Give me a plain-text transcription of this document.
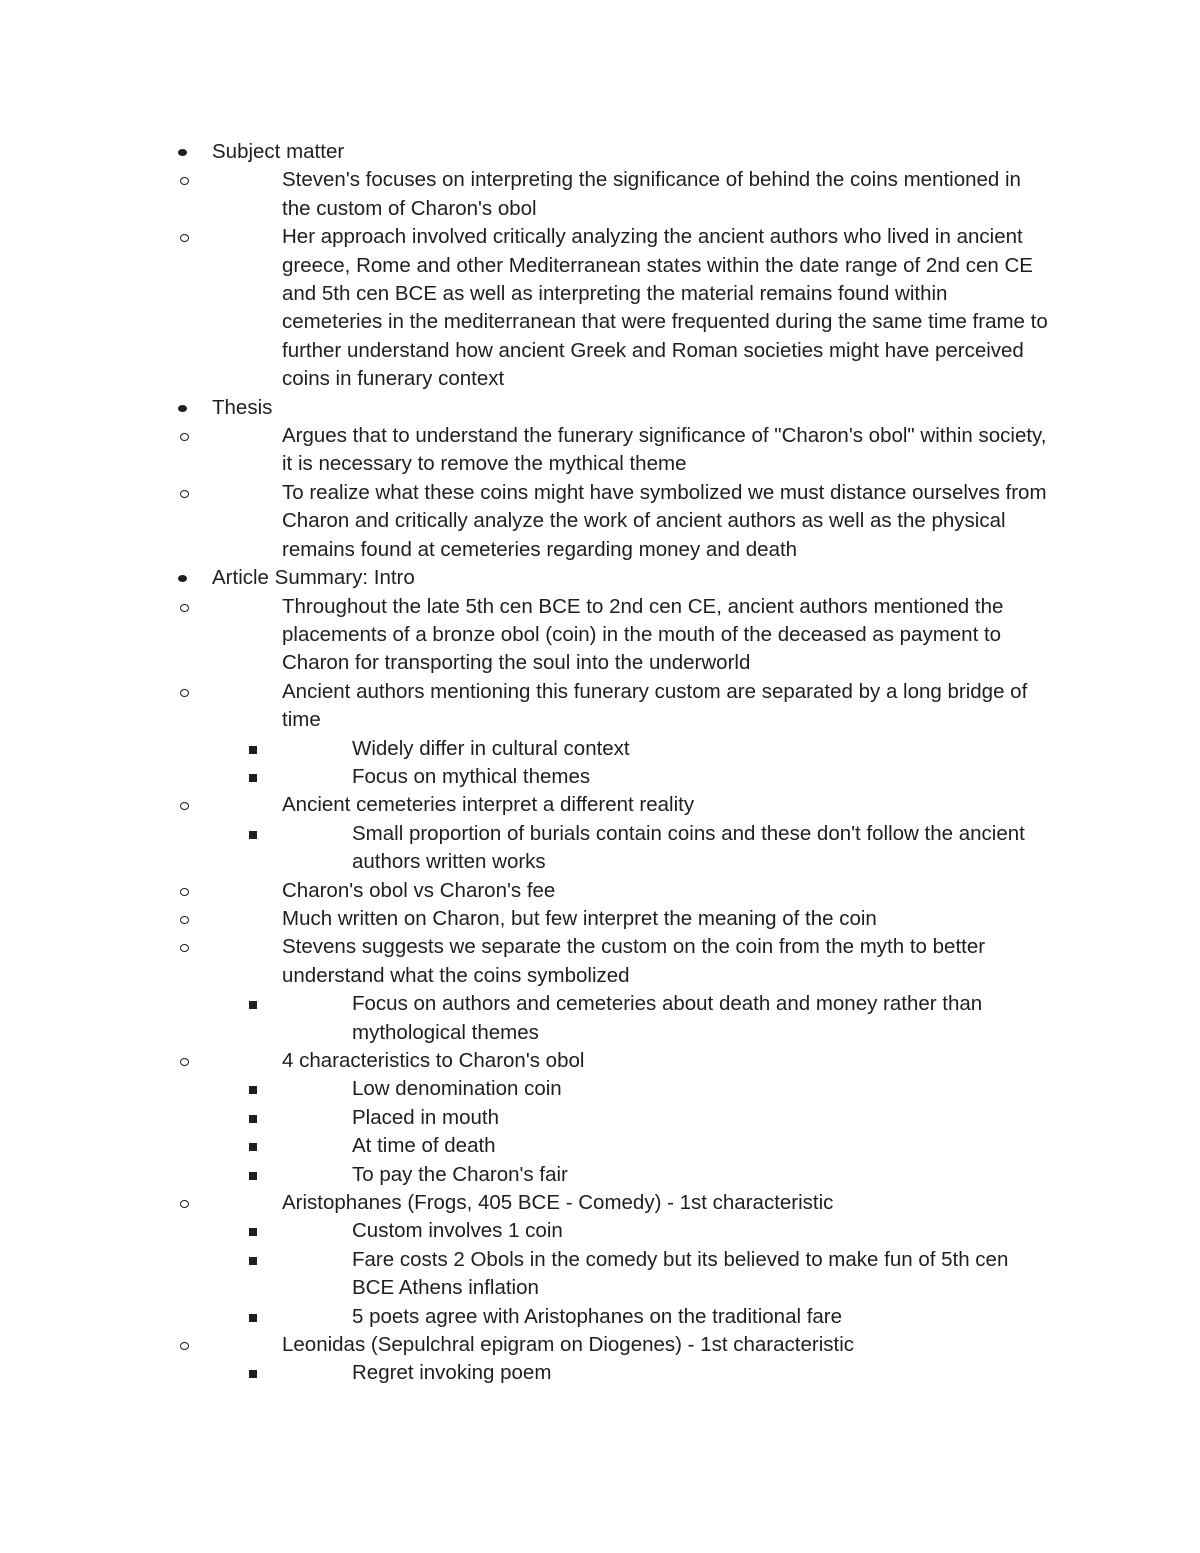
Subject matter
Steven's focuses on interpreting the significance of behind the coins mentioned in the custom of Charon's obol
Her approach involved critically analyzing the ancient authors who lived in ancient greece, Rome and other Mediterranean states within the date range of 2nd cen CE and 5th cen BCE as well as interpreting the material remains found within cemeteries in the mediterranean that were frequented during the same time frame to further understand how ancient Greek and Roman societies might have perceived coins in funerary context
Thesis
Argues that to understand the funerary significance of "Charon's obol" within society, it is necessary to remove the mythical theme
To realize what these coins might have symbolized we must distance ourselves from Charon and critically analyze the work of ancient authors as well as the physical remains found at cemeteries regarding money and death
Article Summary: Intro
Throughout the late 5th cen BCE to 2nd cen CE, ancient authors mentioned the placements of a bronze obol (coin) in the mouth of the deceased as payment to Charon for transporting the soul into the underworld
Ancient authors mentioning this funerary custom are separated by a long bridge of time
Widely differ in cultural context
Focus on mythical themes
Ancient cemeteries interpret a different reality
Small proportion of burials contain coins and these don't follow the ancient authors written works
Charon's obol vs Charon's fee
Much written on Charon, but few interpret the meaning of the coin
Stevens suggests we separate the custom on the coin from the myth to better understand what the coins symbolized
Focus on authors and cemeteries about death and money rather than mythological themes
4 characteristics to Charon's obol
Low denomination coin
Placed in mouth
At time of death
To pay the Charon's fair
Aristophanes (Frogs, 405 BCE - Comedy) - 1st characteristic
Custom involves 1 coin
Fare costs 2 Obols in the comedy but its believed to make fun of 5th cen BCE Athens inflation
5 poets agree with Aristophanes on the traditional fare
Leonidas (Sepulchral epigram on Diogenes) - 1st characteristic
Regret invoking poem
